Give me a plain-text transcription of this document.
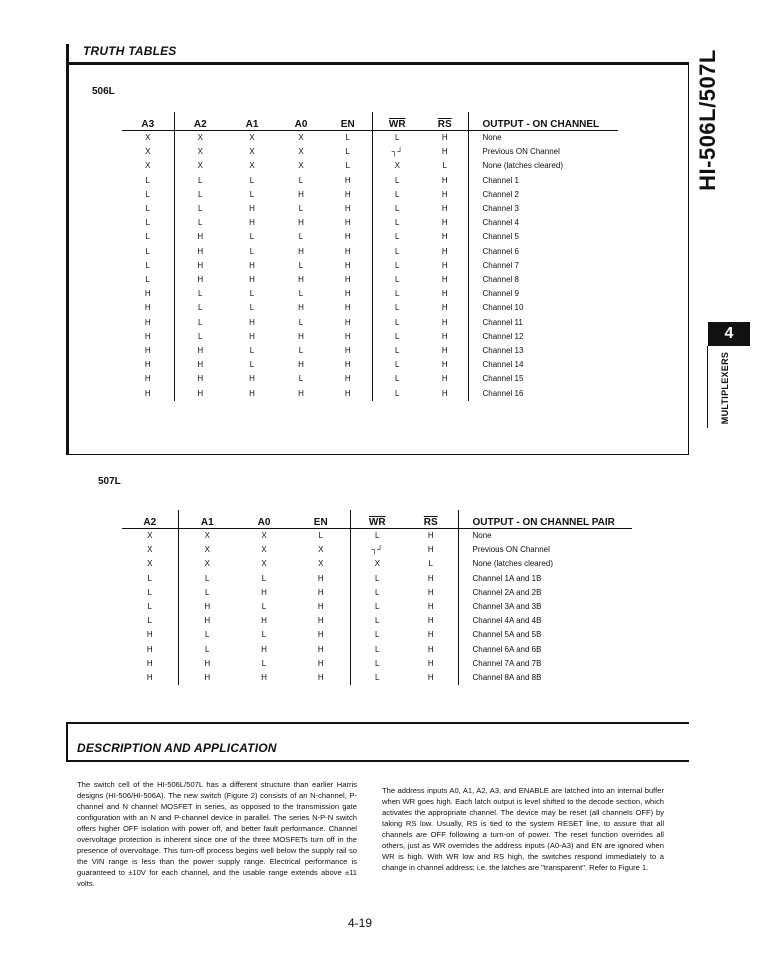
TRUTH TABLES	HI-506L/507L
4
MULTIPLEXERS
506L
A3	A2	A1	A0	EN	$\overline{WR}$	$\overline{RS}$	OUTPUT - ON CHANNEL
X	X	X	X	L	L	H	None
X	X	X	X	L	┐┘	H	Previous ON Channel
X	X	X	X	L	X	L	None (latches cleared)
L	L	L	L	H	L	H	Channel 1
L	L	L	H	H	L	H	Channel 2
L	L	H	L	H	L	H	Channel 3
L	L	H	H	H	L	H	Channel 4
L	H	L	L	H	L	H	Channel 5
L	H	L	H	H	L	H	Channel 6
L	H	H	L	H	L	H	Channel 7
L	H	H	H	H	L	H	Channel 8
H	L	L	L	H	L	H	Channel 9
H	L	L	H	H	L	H	Channel 10
H	L	H	L	H	L	H	Channel 11
H	L	H	H	H	L	H	Channel 12
H	H	L	L	H	L	H	Channel 13
H	H	L	H	H	L	H	Channel 14
H	H	H	L	H	L	H	Channel 15
H	H	H	H	H	L	H	Channel 16
507L
A2	A1	A0	EN	$\overline{WR}$	$\overline{RS}$	OUTPUT - ON CHANNEL PAIR
X	X	X	L	L	H	None
X	X	X	X	┐┘	H	Previous ON Channel
X	X	X	X	X	L	None (latches cleared)
L	L	L	H	L	H	Channel 1A and 1B
L	L	H	H	L	H	Channel 2A and 2B
L	H	L	H	L	H	Channel 3A and 3B
L	H	H	H	L	H	Channel 4A and 4B
H	L	L	H	L	H	Channel 5A and 5B
H	L	H	H	L	H	Channel 6A and 6B
H	H	L	H	L	H	Channel 7A and 7B
H	H	H	H	L	H	Channel 8A and 8B
DESCRIPTION AND APPLICATION
The switch cell of the HI-506L/507L has a different structure than earlier Harris designs (HI-506/HI-506A). The new switch (Figure 2) consists of an N-channel, P-channel and N channel MOSFET in series, as opposed to the transmission gate configuration with an N and P-channel device in parallel. The series N-P-N switch offers higher OFF isolation with power off, and better fault performance. Channel overvoltage protection is inherent since one of the three MOSFETs turn off in the presence of overvoltage. This turn-off process begins well below the supply rail so the VIN range is less than the power supply range. Electrical performance is guaranteed to ±10V for each channel, and the usable range extends above ±11 volts.
The address inputs A0, A1, A2, A3, and ENABLE are latched into an internal buffer when WR goes high. Each latch output is level shifted to the decode section, which activates the appropriate channel. The device may be reset (all channels OFF) by taking RS low. Usually, RS is tied to the system RESET line, to assure that all channels are OFF following a turn-on of power. The reset function overrides all others, just as WR overrides the address inputs (A0-A3) and EN are ignored when WR is high. With WR low and RS high, the switches respond immediately to a change in channel address; i.e. the latches are "transparent". Refer to Figure 1.
4-19
